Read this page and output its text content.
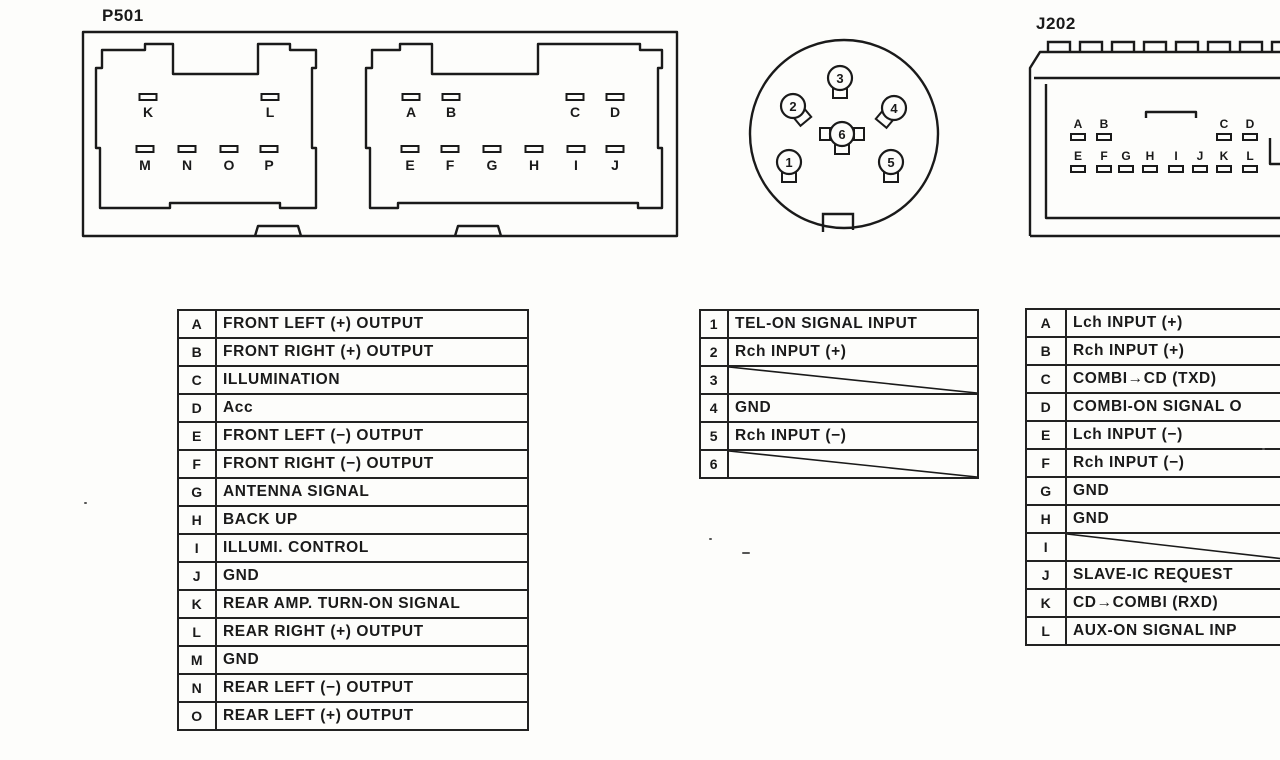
P501
K	L
M N O P
A B	C D
E F G H I J	1
2
3
4
5
6
J202
A B	C D
E F G H I J K L
A	FRONT LEFT (+) OUTPUT
B	FRONT RIGHT (+) OUTPUT
C	ILLUMINATION
D	Acc
E	FRONT LEFT (−) OUTPUT
F	FRONT RIGHT (−) OUTPUT
G	ANTENNA SIGNAL
H	BACK UP
I	ILLUMI. CONTROL
J	GND
K	REAR AMP. TURN-ON SIGNAL
L	REAR RIGHT (+) OUTPUT
M	GND
N	REAR LEFT (−) OUTPUT
O	REAR LEFT (+) OUTPUT
1	TEL-ON SIGNAL INPUT
2	Rch INPUT (+)
3	

4	GND
5	Rch INPUT (−)
6	
A	Lch INPUT (+)
B	Rch INPUT (+)
C	COMBI→CD (TXD)
D	COMBI-ON SIGNAL O
E	Lch INPUT (−)
F	Rch INPUT (−)
G	GND
H	GND
I	

J	SLAVE-IC REQUEST
K	CD→COMBI (RXD)
L	AUX-ON SIGNAL INP
